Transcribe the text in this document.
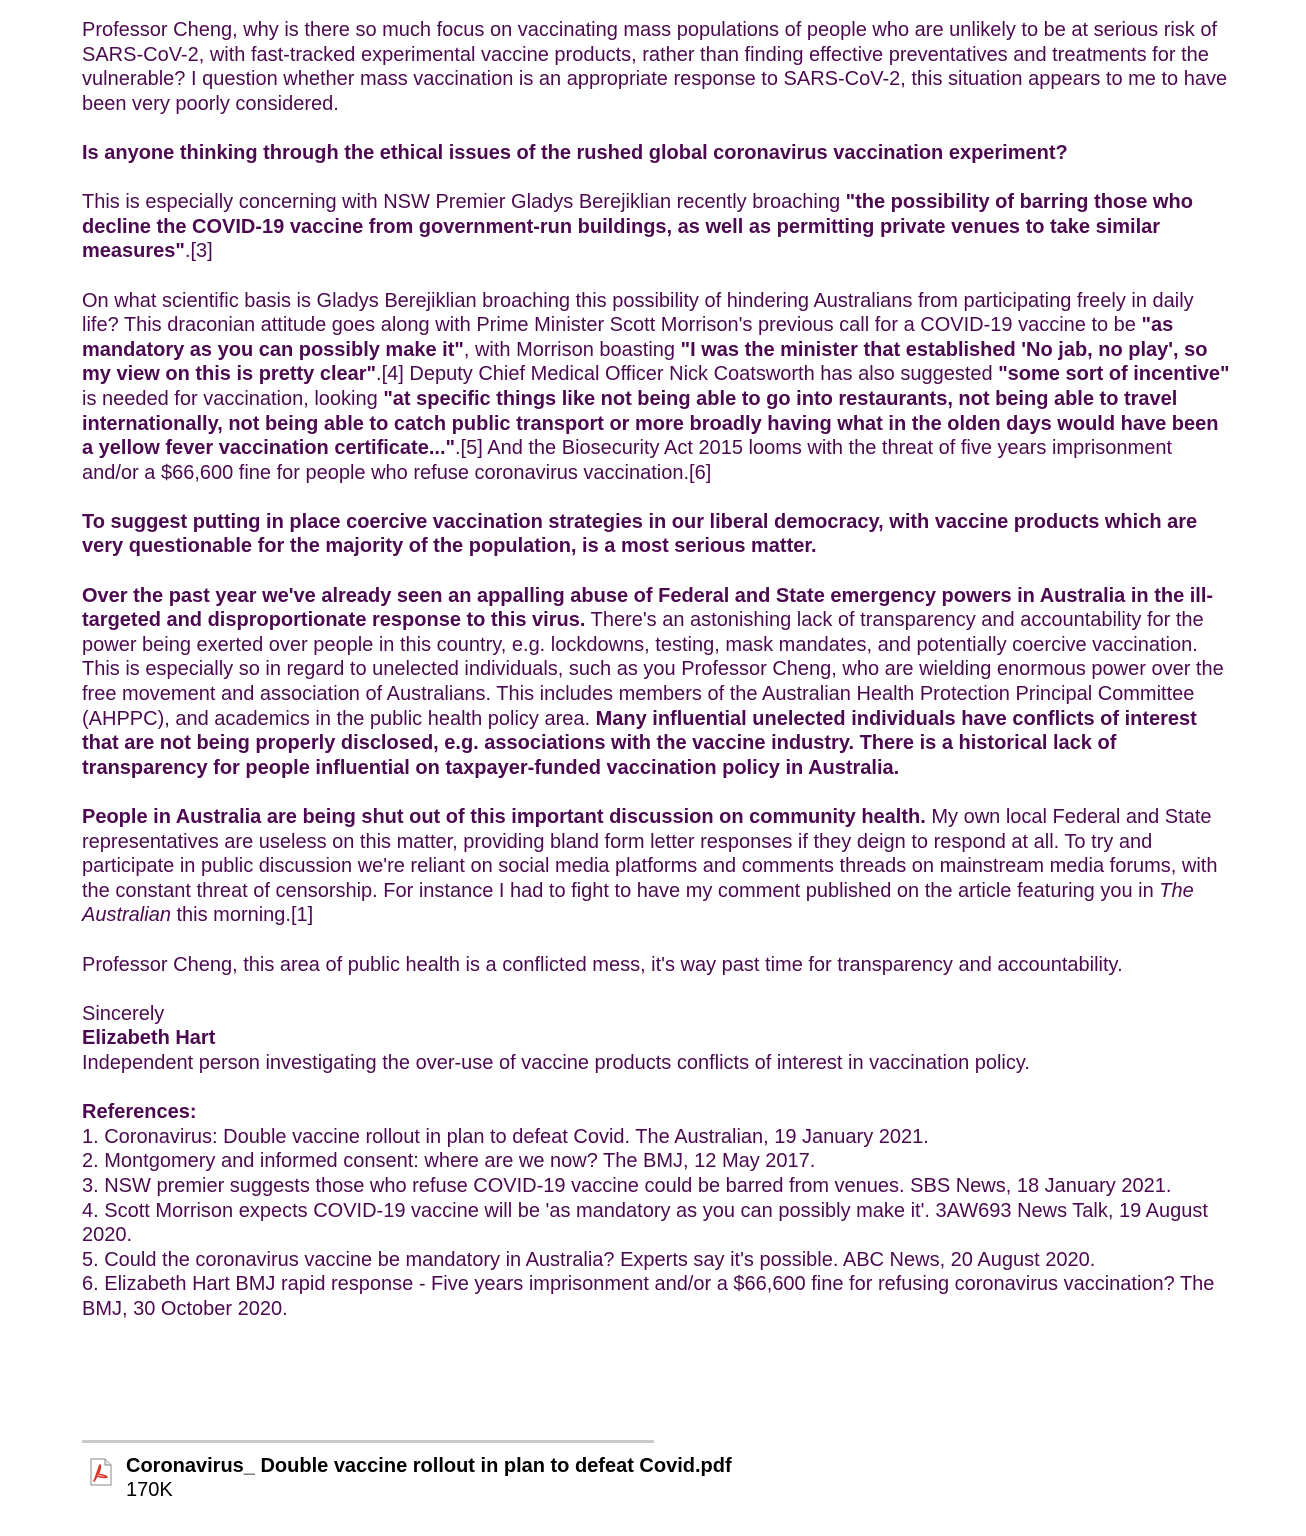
Professor Cheng, why is there so much focus on vaccinating mass populations of people who are unlikely to be at serious risk of SARS-CoV-2, with fast-tracked experimental vaccine products, rather than finding effective preventatives and treatments for the vulnerable? I question whether mass vaccination is an appropriate response to SARS-CoV-2, this situation appears to me to have been very poorly considered.

Is anyone thinking through the ethical issues of the rushed global coronavirus vaccination experiment?

This is especially concerning with NSW Premier Gladys Berejiklian recently broaching "the possibility of barring those who decline the COVID-19 vaccine from government-run buildings, as well as permitting private venues to take similar measures".[3]

On what scientific basis is Gladys Berejiklian broaching this possibility of hindering Australians from participating freely in daily life? This draconian attitude goes along with Prime Minister Scott Morrison's previous call for a COVID-19 vaccine to be "as mandatory as you can possibly make it", with Morrison boasting "I was the minister that established 'No jab, no play', so my view on this is pretty clear".[4] Deputy Chief Medical Officer Nick Coatsworth has also suggested "some sort of incentive" is needed for vaccination, looking "at specific things like not being able to go into restaurants, not being able to travel internationally, not being able to catch public transport or more broadly having what in the olden days would have been a yellow fever vaccination certificate...".[5] And the Biosecurity Act 2015 looms with the threat of five years imprisonment and/or a $66,600 fine for people who refuse coronavirus vaccination.[6]

To suggest putting in place coercive vaccination strategies in our liberal democracy, with vaccine products which are very questionable for the majority of the population, is a most serious matter.

Over the past year we've already seen an appalling abuse of Federal and State emergency powers in Australia in the ill-targeted and disproportionate response to this virus. There's an astonishing lack of transparency and accountability for the power being exerted over people in this country, e.g. lockdowns, testing, mask mandates, and potentially coercive vaccination. This is especially so in regard to unelected individuals, such as you Professor Cheng, who are wielding enormous power over the free movement and association of Australians. This includes members of the Australian Health Protection Principal Committee (AHPPC), and academics in the public health policy area. Many influential unelected individuals have conflicts of interest that are not being properly disclosed, e.g. associations with the vaccine industry. There is a historical lack of transparency for people influential on taxpayer-funded vaccination policy in Australia.

People in Australia are being shut out of this important discussion on community health. My own local Federal and State representatives are useless on this matter, providing bland form letter responses if they deign to respond at all. To try and participate in public discussion we're reliant on social media platforms and comments threads on mainstream media forums, with the constant threat of censorship. For instance I had to fight to have my comment published on the article featuring you in The Australian this morning.[1]

Professor Cheng, this area of public health is a conflicted mess, it's way past time for transparency and accountability.

Sincerely

Elizabeth Hart

Independent person investigating the over-use of vaccine products conflicts of interest in vaccination policy.

References:

1. Coronavirus: Double vaccine rollout in plan to defeat Covid. The Australian, 19 January 2021.

2. Montgomery and informed consent: where are we now? The BMJ, 12 May 2017.

3. NSW premier suggests those who refuse COVID-19 vaccine could be barred from venues. SBS News, 18 January 2021.

4. Scott Morrison expects COVID-19 vaccine will be 'as mandatory as you can possibly make it'. 3AW693 News Talk, 19 August 2020.

5. Could the coronavirus vaccine be mandatory in Australia? Experts say it's possible. ABC News, 20 August 2020.

6. Elizabeth Hart BMJ rapid response - Five years imprisonment and/or a $66,600 fine for refusing coronavirus vaccination? The BMJ, 30 October 2020.

Coronavirus_ Double vaccine rollout in plan to defeat Covid.pdf
170K
